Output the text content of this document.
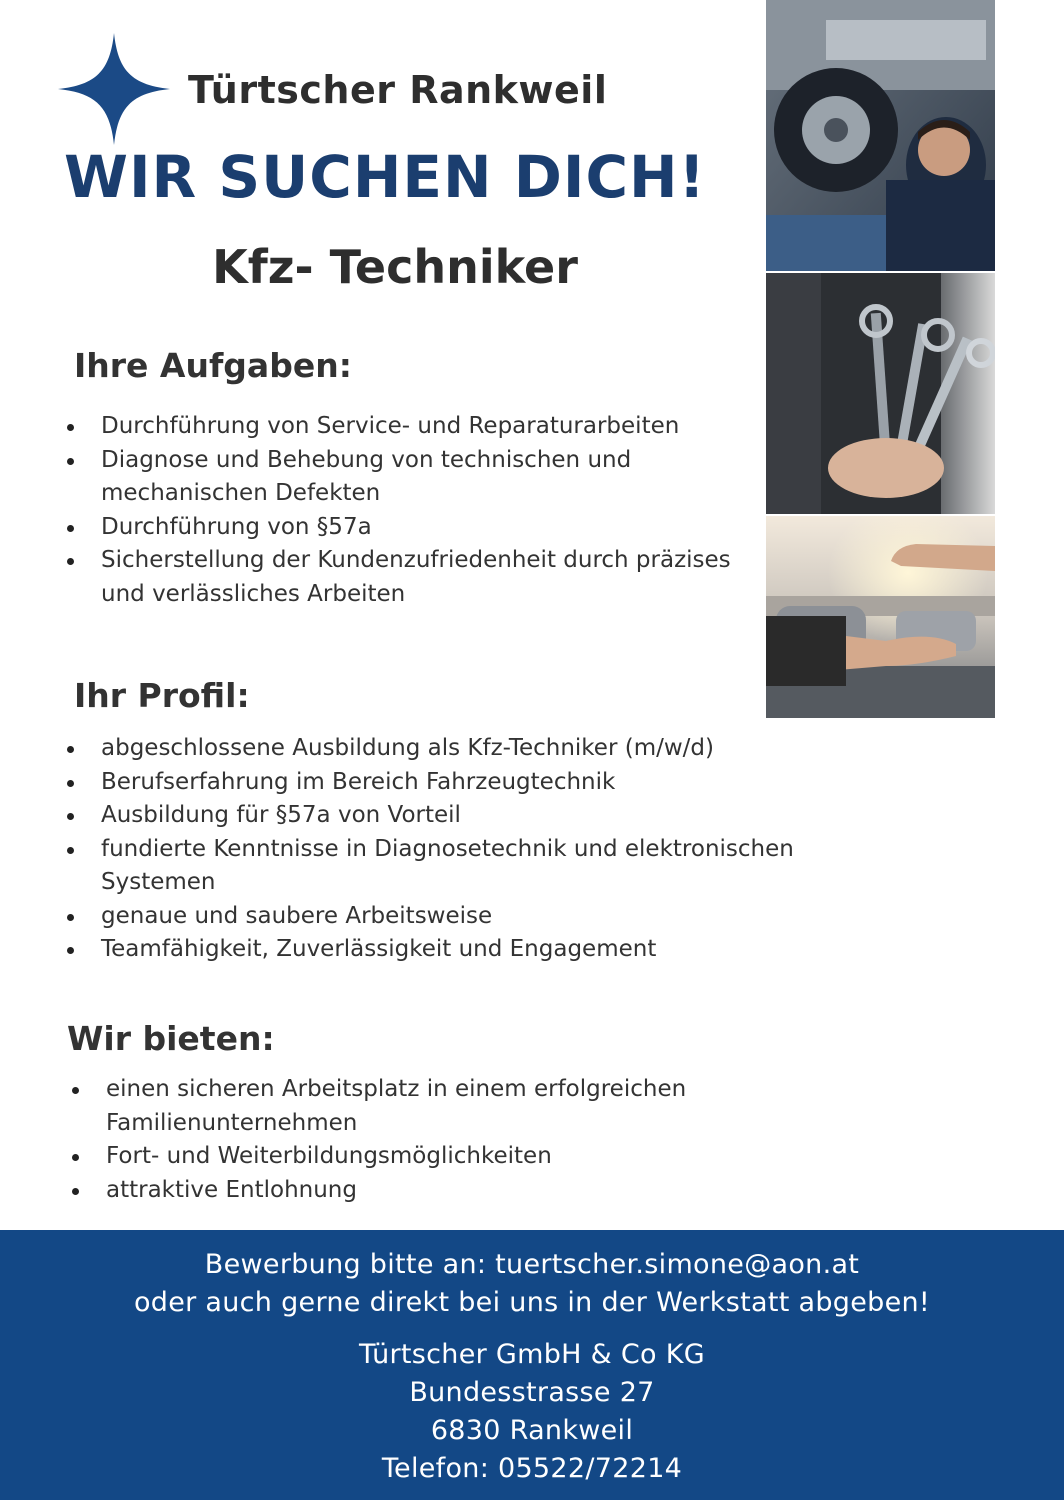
Türtscher Rankweil
WIR SUCHEN DICH!
Kfz- Techniker
Ihre Aufgaben:
Durchführung von Service- und Reparaturarbeiten
Diagnose und Behebung von technischen und mechanischen Defekten
Durchführung von §57a
Sicherstellung der Kundenzufriedenheit durch präzises und verlässliches Arbeiten
Ihr Profil:
abgeschlossene Ausbildung als Kfz-Techniker (m/w/d)
Berufserfahrung im Bereich Fahrzeugtechnik
Ausbildung für §57a von Vorteil
fundierte Kenntnisse in Diagnosetechnik und elektronischen Systemen
genaue und saubere Arbeitsweise
Teamfähigkeit, Zuverlässigkeit und Engagement
Wir bieten:
einen sicheren Arbeitsplatz in einem erfolgreichen Familienunternehmen
Fort- und Weiterbildungsmöglichkeiten
attraktive Entlohnung
Bewerbung bitte an: tuertscher.simone@aon.at
oder auch gerne direkt bei uns in der Werkstatt abgeben!
Türtscher GmbH & Co KG
Bundesstrasse 27
6830 Rankweil
Telefon: 05522/72214
